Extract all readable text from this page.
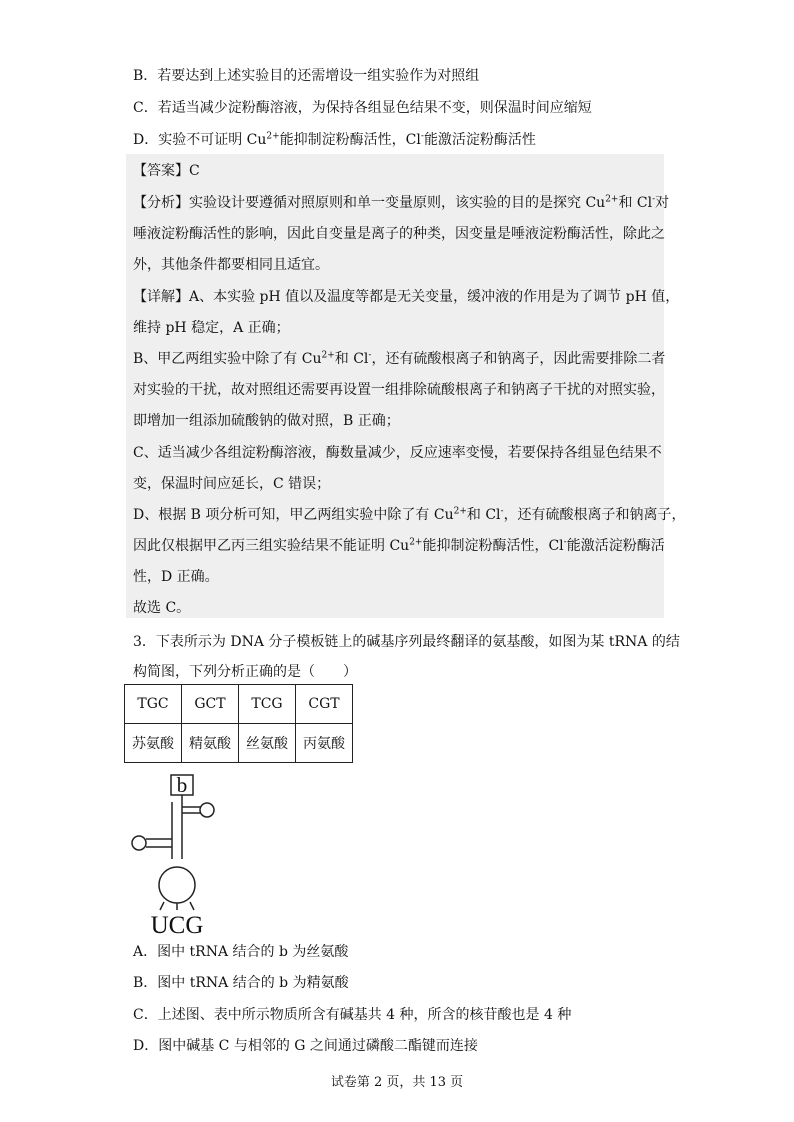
B．若要达到上述实验目的还需增设一组实验作为对照组
C．若适当减少淀粉酶溶液，为保持各组显色结果不变，则保温时间应缩短
D．实验不可证明 $Cu^{2+}$能抑制淀粉酶活性，Cl-能激活淀粉酶活性
【答案】C
【分析】实验设计要遵循对照原则和单一变量原则，该实验的目的是探究 $Cu^{2+}$和 Cl-对
唾液淀粉酶活性的影响，因此自变量是离子的种类，因变量是唾液淀粉酶活性，除此之
外，其他条件都要相同且适宜。
【详解】A、本实验 pH 值以及温度等都是无关变量，缓冲液的作用是为了调节 pH 值，
维持 pH 稳定，A 正确；
B、甲乙两组实验中除了有 $Cu^{2+}$和 Cl-，还有硫酸根离子和钠离子，因此需要排除二者
对实验的干扰，故对照组还需要再设置一组排除硫酸根离子和钠离子干扰的对照实验，
即增加一组添加硫酸钠的做对照，B 正确；
C、适当减少各组淀粉酶溶液，酶数量减少，反应速率变慢，若要保持各组显色结果不
变，保温时间应延长，C 错误；
D、根据 B 项分析可知，甲乙两组实验中除了有 $Cu^{2+}$和 Cl-，还有硫酸根离子和钠离子，
因此仅根据甲乙丙三组实验结果不能证明 $Cu^{2+}$能抑制淀粉酶活性，Cl-能激活淀粉酶活
性，D 正确。
故选 C。
3．下表所示为 DNA 分子模板链上的碱基序列最终翻译的氨基酸，如图为某 tRNA 的结
构简图，下列分析正确的是（　　）
TGC	GCT	TCG	CGT
苏氨酸	精氨酸	丝氨酸	丙氨酸
b
UCG
A．图中 tRNA 结合的 b 为丝氨酸
B．图中 tRNA 结合的 b 为精氨酸
C．上述图、表中所示物质所含有碱基共 4 种，所含的核苷酸也是 4 种
D．图中碱基 C 与相邻的 G 之间通过磷酸二酯键而连接
试卷第 2 页，共 13 页
